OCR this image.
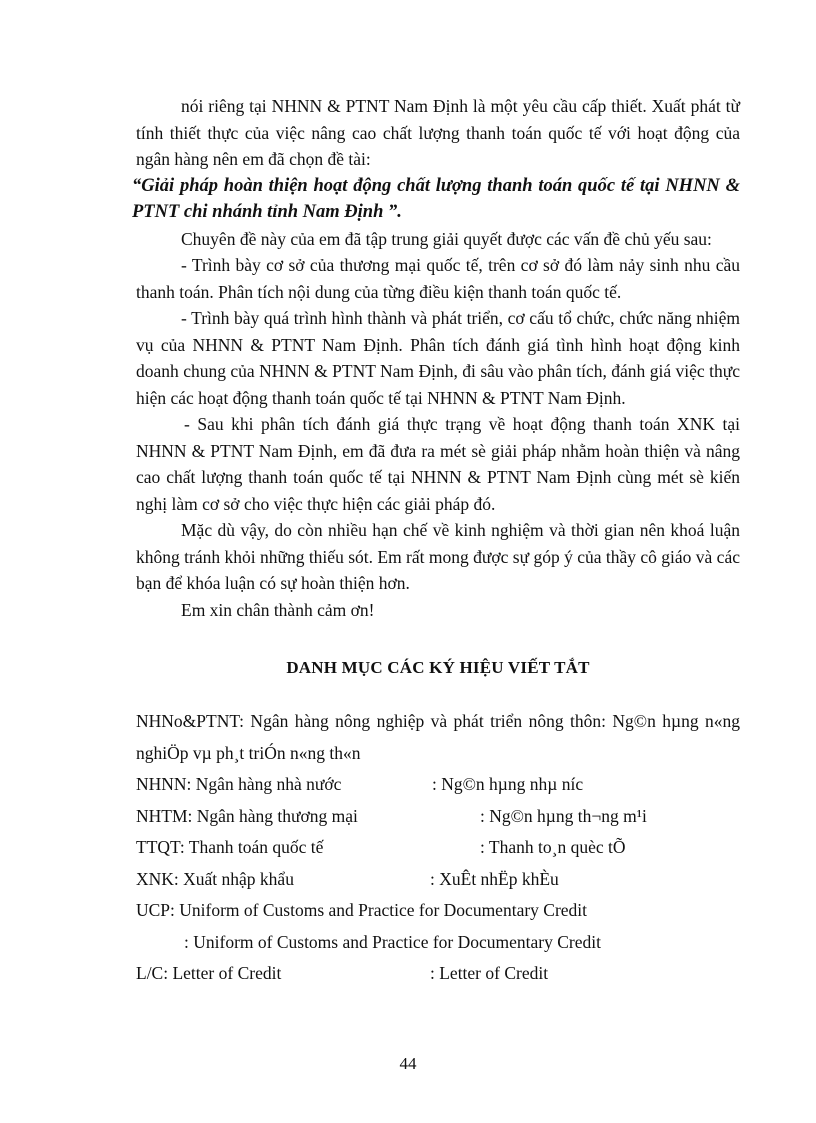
nói riêng tại NHNN & PTNT Nam Định là một yêu cầu cấp thiết. Xuất phát từ tính thiết thực của việc nâng cao chất lượng thanh toán quốc tế với hoạt động của ngân hàng nên em đã chọn đề tài:

“Giải pháp hoàn thiện hoạt động chất lượng thanh toán quốc tế tại NHNN & PTNT chi nhánh tỉnh Nam Định ”.

Chuyên đề này của em đã tập trung giải quyết được các vấn đề chủ yếu sau:

- Trình bày cơ sở của thương mại quốc tế, trên cơ sở đó làm nảy sinh nhu cầu thanh toán. Phân tích nội dung của từng điều kiện thanh toán quốc tế.

- Trình bày quá trình hình thành và phát triển, cơ cấu tổ chức, chức năng nhiệm vụ của NHNN & PTNT Nam Định. Phân tích đánh giá tình hình hoạt động kinh doanh chung của NHNN & PTNT Nam Định, đi sâu vào phân tích, đánh giá việc thực hiện các hoạt động thanh toán quốc tế tại NHNN & PTNT Nam Định.

- Sau khi phân tích đánh giá thực trạng về hoạt động thanh toán XNK tại NHNN & PTNT Nam Định, em đã đưa ra mét sè giải pháp nhằm hoàn thiện và nâng cao chất lượng thanh toán quốc tế tại NHNN & PTNT Nam Định cùng mét sè kiến nghị làm cơ sở cho việc thực hiện các giải pháp đó.

Mặc dù vậy, do còn nhiều hạn chế về kinh nghiệm và thời gian nên khoá luận không tránh khỏi những thiếu sót. Em rất mong được sự góp ý của thầy cô giáo và các bạn để khóa luận có sự hoàn thiện hơn.

Em xin chân thành cảm ơn!

DANH MỤC CÁC KÝ HIỆU VIẾT TẮT
NHNo&PTNT: Ngân hàng nông nghiệp và phát triển nông thôn: Ng©n hµng n«ng nghiÖp vµ ph¸t triÓn n«ng th«n
NHNN: Ngân hàng nhà nước	: Ng©n hµng nhµ níc
NHTM: Ngân hàng thương mại	: Ng©n hµng th¬ng m¹i
TTQT: Thanh toán quốc tế	: Thanh to¸n quèc tÕ
XNK: Xuất nhập khẩu	: XuÊt nhËp khÈu
UCP: Uniform of Customs and Practice for Documentary Credit
: Uniform of Customs and Practice for Documentary Credit
L/C: Letter of Credit	: Letter of Credit
44
